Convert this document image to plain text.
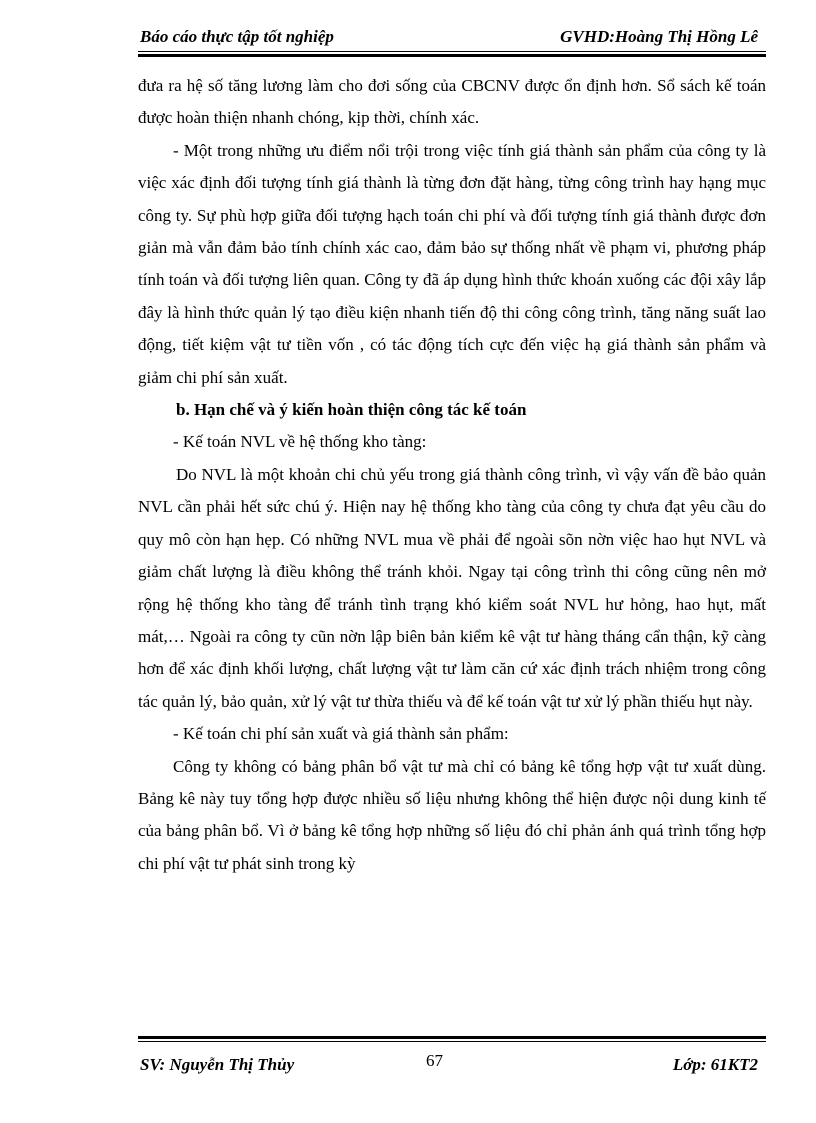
Báo cáo thực tập tốt nghiệp	GVHD:Hoàng Thị Hồng Lê

đưa ra hệ số tăng lương làm cho đơi sống của CBCNV được ổn định hơn. Sổ sách kế toán được hoàn thiện nhanh chóng, kịp thời, chính xác.

- Một trong những ưu điểm nổi trội trong việc tính giá thành sản phẩm của công ty là việc xác định đối tượng tính giá thành là từng đơn đặt hàng, từng công trình hay hạng mục công ty. Sự phù hợp giữa đối tượng hạch toán chi phí và đối tượng tính giá thành được đơn giản mà vẫn đảm bảo tính chính xác cao, đảm bảo sự thống nhất về phạm vi, phương pháp tính toán và đối tượng liên quan. Công ty đã áp dụng hình thức khoán xuống các đội xây lắp đây là hình thức quản lý tạo điều kiện nhanh tiến độ thi công công trình, tăng năng suất lao động, tiết kiệm vật tư tiền vốn , có tác động tích cực đến việc hạ giá thành sản phẩm và giảm chi phí sản xuất.

b. Hạn chế và ý kiến hoàn thiện công tác kế toán

- Kế toán NVL về hệ thống kho tàng:

Do NVL là một khoản chi chủ yếu trong giá thành công trình, vì vậy vấn đề bảo quản NVL cần phải hết sức chú ý. Hiện nay hệ thống kho tàng của công ty chưa đạt yêu cầu do quy mô còn hạn hẹp. Có những NVL mua về phải để ngoài sõn nờn việc hao hụt NVL và giảm chất lượng là điều không thể tránh khỏi. Ngay tại công trình thi công cũng nên mở rộng hệ thống kho tàng để tránh tình trạng khó kiểm soát NVL hư hỏng, hao hụt, mất mát,… Ngoài ra công ty cũn nờn lập biên bản kiểm kê vật tư hàng tháng cẩn thận, kỹ càng hơn để xác định khối lượng, chất lượng vật tư làm căn cứ xác định trách nhiệm trong công tác quản lý, bảo quản, xử lý vật tư thừa thiếu và để kế toán vật tư xử lý phần thiếu hụt này.

- Kế toán chi phí sản xuất và giá thành sản phẩm:

Công ty không có bảng phân bổ vật tư mà chỉ có bảng kê tổng hợp vật tư xuất dùng. Bảng kê này tuy tổng hợp được nhiều số liệu nhưng không thể hiện được nội dung kinh tế của bảng phân bổ. Vì ở bảng kê tổng hợp những số liệu đó chỉ phản ánh quá trình tổng hợp chi phí vật tư phát sinh trong kỳ

SV: Nguyễn Thị Thủy	67	Lớp: 61KT2
